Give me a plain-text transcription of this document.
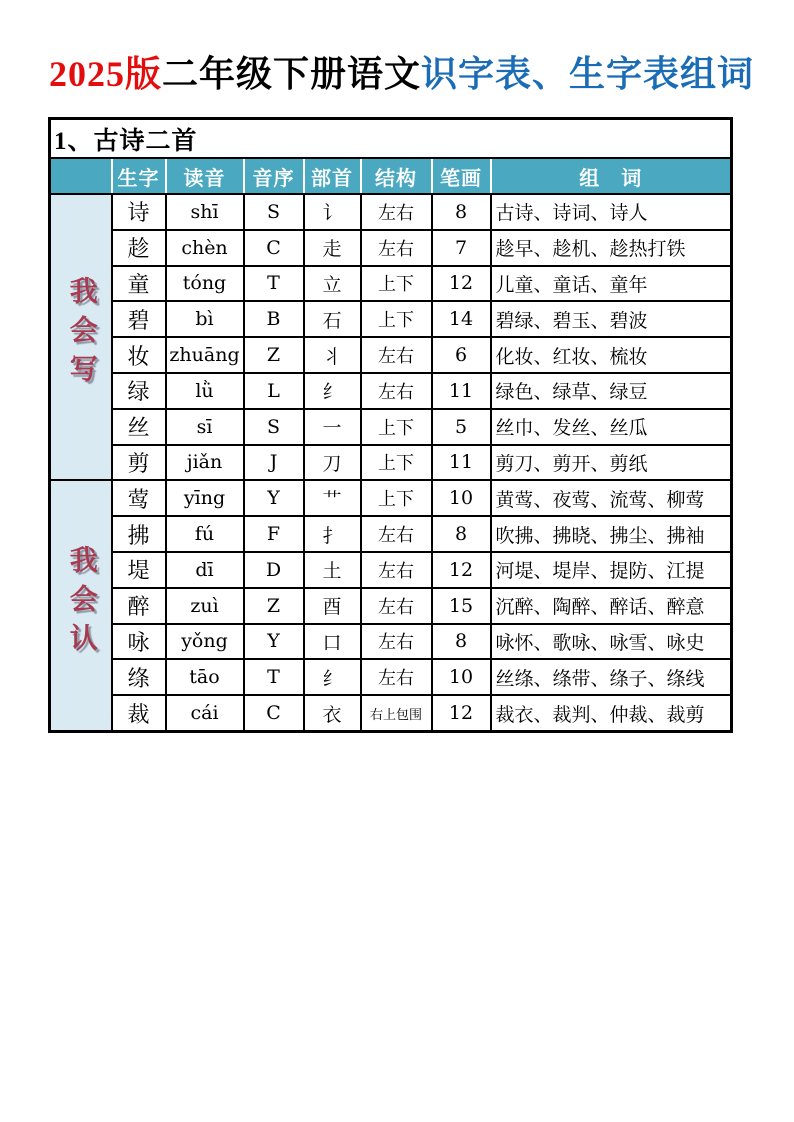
2025版二年级下册语文识字表、生字表组词
1、古诗二首							
	生字	读音	音序	部首	结构	笔画	组　词
我会写	诗	shī	S	讠	左右	8	古诗、诗词、诗人
	趁	chèn	C	走	左右	7	趁早、趁机、趁热打铁
	童	tóng	T	立	上下	12	儿童、童话、童年
	碧	bì	B	石	上下	14	碧绿、碧玉、碧波
	妆	zhuāng	Z	丬	左右	6	化妆、红妆、梳妆
	绿	lǜ	L	纟	左右	11	绿色、绿草、绿豆
	丝	sī	S	一	上下	5	丝巾、发丝、丝瓜
	剪	jiǎn	J	刀	上下	11	剪刀、剪开、剪纸
我会认	莺	yīng	Y	艹	上下	10	黄莺、夜莺、流莺、柳莺
	拂	fú	F	扌	左右	8	吹拂、拂晓、拂尘、拂袖
	堤	dī	D	土	左右	12	河堤、堤岸、提防、江提
	醉	zuì	Z	酉	左右	15	沉醉、陶醉、醉话、醉意
	咏	yǒng	Y	口	左右	8	咏怀、歌咏、咏雪、咏史
	绦	tāo	T	纟	左右	10	丝绦、绦带、绦子、绦线
	裁	cái	C	衣	右上包围	12	裁衣、裁判、仲裁、裁剪
